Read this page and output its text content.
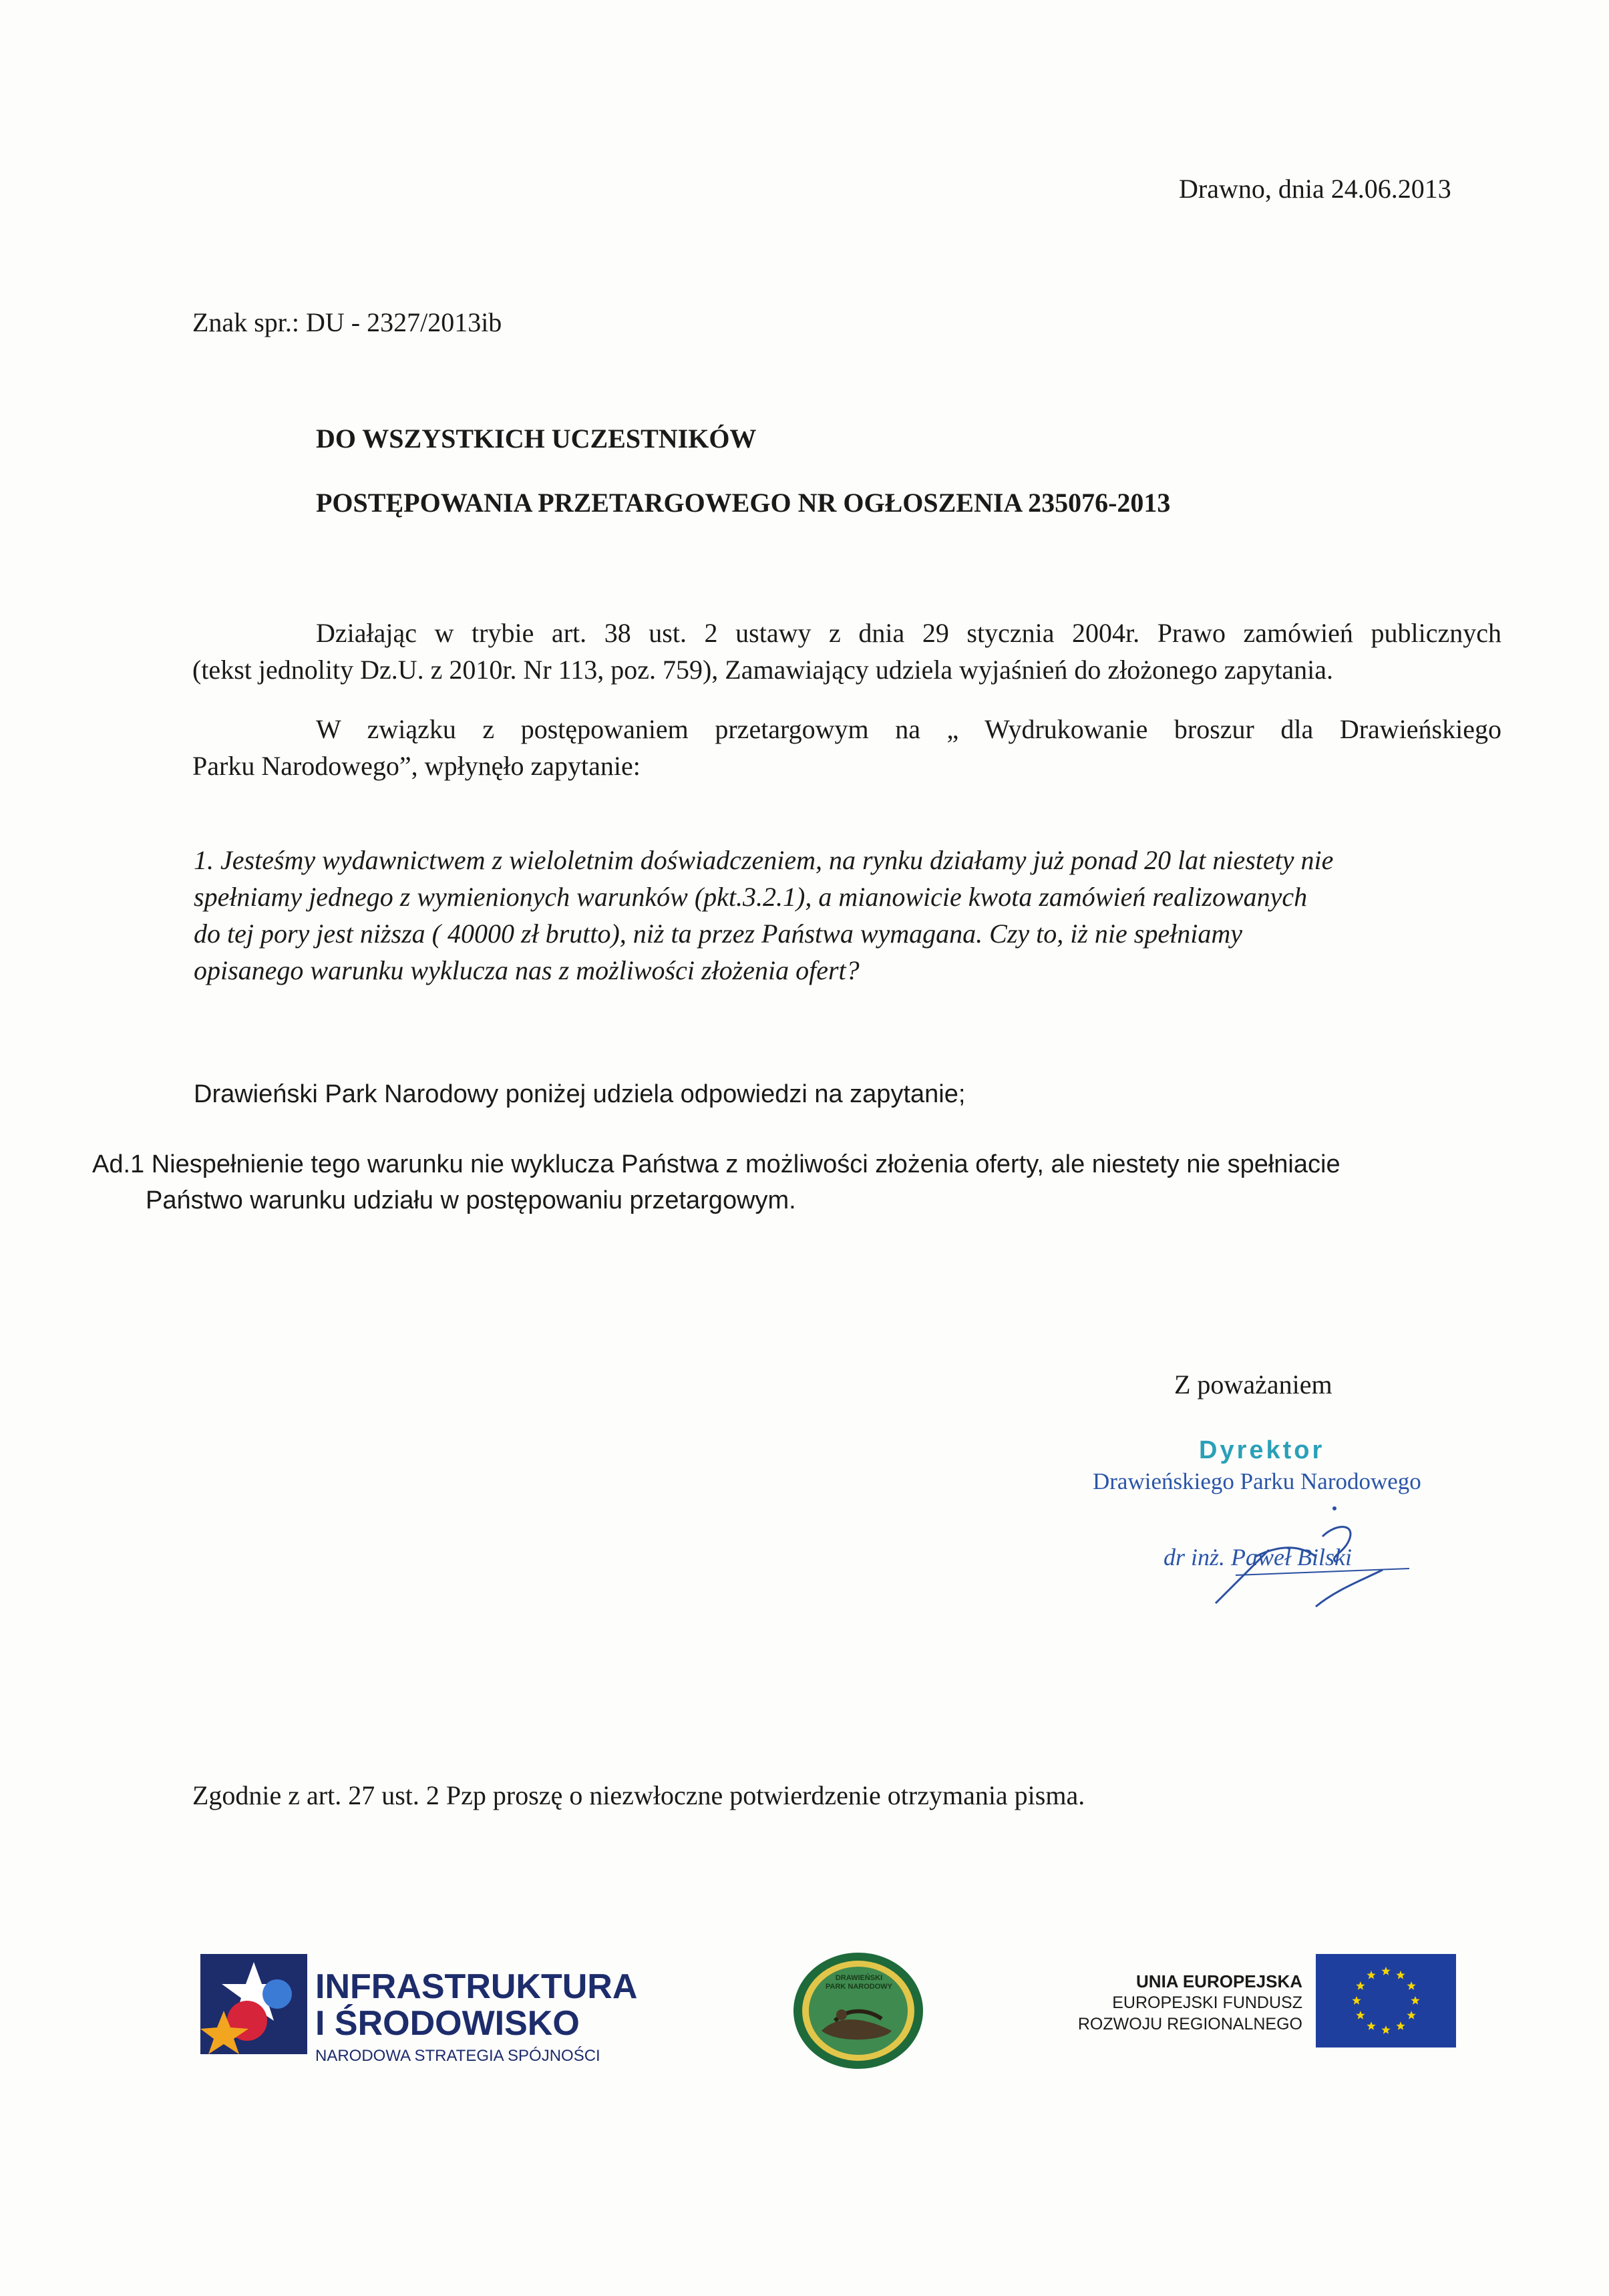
Drawno, dnia 24.06.2013
Znak spr.: DU - 2327/2013ib
DO WSZYSTKICH UCZESTNIKÓW
POSTĘPOWANIA PRZETARGOWEGO NR OGŁOSZENIA 235076-2013
Działając w trybie art. 38 ust. 2 ustawy z dnia 29 stycznia 2004r. Prawo zamówień publicznych
(tekst jednolity Dz.U. z 2010r. Nr 113, poz. 759), Zamawiający udziela wyjaśnień do złożonego zapytania.
W związku z postępowaniem przetargowym na „ Wydrukowanie broszur dla Drawieńskiego
Parku Narodowego”, wpłynęło zapytanie:
1. Jesteśmy wydawnictwem z wieloletnim doświadczeniem, na rynku działamy już ponad 20 lat niestety nie
spełniamy jednego z wymienionych warunków (pkt.3.2.1), a mianowicie kwota zamówień realizowanych
do tej pory jest niższa ( 40000 zł brutto), niż ta przez Państwa wymagana. Czy to, iż nie spełniamy
opisanego warunku wyklucza nas z możliwości złożenia ofert?
Drawieński Park Narodowy poniżej udziela odpowiedzi na zapytanie;
Ad.1 Niespełnienie tego warunku nie wyklucza Państwa z możliwości złożenia oferty, ale niestety nie spełniacie
Państwo warunku udziału w postępowaniu przetargowym.
Z poważaniem
Dyrektor
Drawieńskiego Parku Narodowego
dr inż. Paweł Bilski
Zgodnie z art. 27 ust. 2 Pzp proszę o niezwłoczne potwierdzenie otrzymania pisma.
INFRASTRUKTURA
I ŚRODOWISKO
NARODOWA STRATEGIA SPÓJNOŚCI
DRAWIEŃSKI PARK NARODOWY	UNIA EUROPEJSKA
EUROPEJSKI FUNDUSZ
ROZWOJU REGIONALNEGO
